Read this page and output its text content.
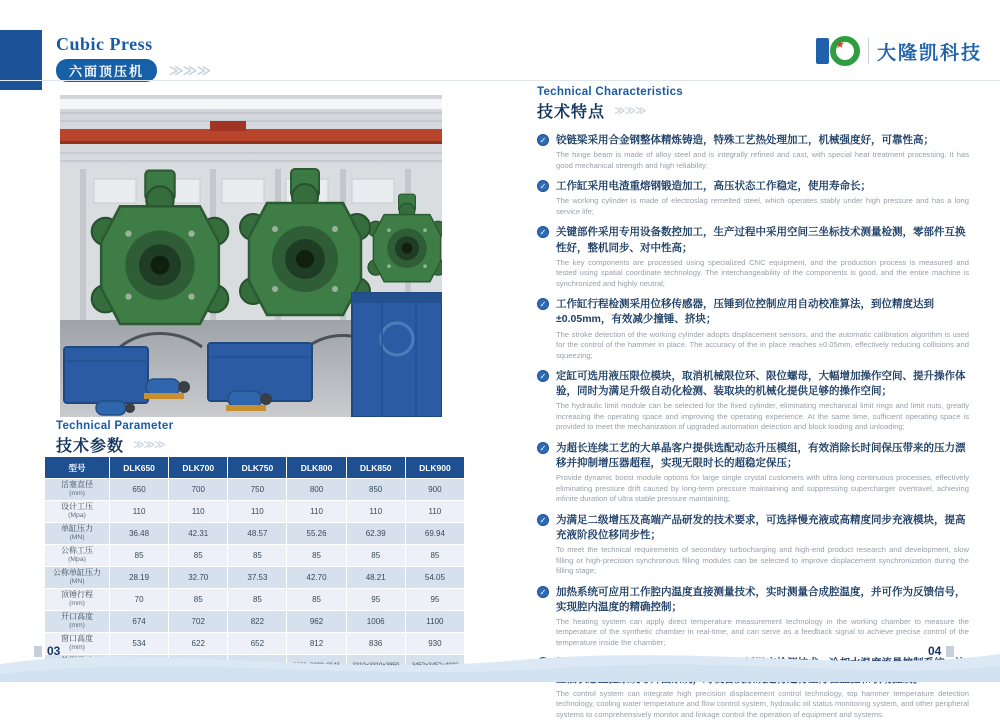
Cubic Press
六面顶压机	≫≫≫
★ 大隆凯科技
Technical Parameter
技术参数 ≫≫≫
型号	DLK650	DLK700	DLK750	DLK800	DLK850	DLK900

活塞直径
(mm)	650	700	750	800	850	900

设计工压
(Mpa)	110	110	110	110	110	110

单缸压力
(MN)	36.48	42.31	48.57	55.26	62.39	69.94

公称工压
(Mpa)	85	85	85	85	85	85

公称单缸压力
(MN)	28.19	32.70	37.53	42.70	48.21	54.05

顶锤行程
(mm)	70	85	85	85	95	95

开口高度
(mm)	674	702	822	962	1006	1100

窗口高度
(mm)	534	622	652	812	836	930

Technical Characteristics
技术特点 ≫≫≫
✓ 铰链梁采用合金钢整体精炼铸造，特殊工艺热处理加工，机械强度好，可靠性高；
The hinge beam is made of alloy steel and is integrally refined and cast, with special heat treatment processing. It has good mechanical strength and high reliability;
✓ 工作缸采用电渣重熔钢锻造加工，高压状态工作稳定，使用寿命长；
The working cylinder is made of electroslag remelted steel, which operates stably under high pressure and has a long service life;
✓ 关键部件采用专用设备数控加工，生产过程中采用空间三坐标技术测量检测，零部件互换性好，整机同步、对中性高；
The key components are processed using specialized CNC equipment, and the production process is measured and tested using spatial coordinate technology. The interchangeability of the components is good, and the entire machine is synchronized and highly neutral;
✓ 工作缸行程检测采用位移传感器，压锤到位控制应用自动校准算法，到位精度达到±0.05mm，有效减少撞锤、挤块；
The stroke detection of the working cylinder adopts displacement sensors, and the automatic calibration algorithm is used for the control of the hammer in place. The accuracy of the in place reaches ±0.05mm, effectively reducing collisions and squeezing;
✓ 定缸可选用液压限位模块，取消机械限位环、限位螺母，大幅增加操作空间、提升操作体验，同时为满足升级自动化检测、装取块的机械化提供足够的操作空间；
The hydraulic limit module can be selected for the fixed cylinder, eliminating mechanical limit rings and limit nuts, greatly increasing the operating space and improving the operating experience. At the same time, sufficient operating space is provided to meet the mechanization of upgraded automation detection and block loading and unloading;
✓ 为超长连续工艺的大单晶客户提供选配动态升压模组，有效消除长时间保压带来的压力漂移并抑制增压器超程，实现无限时长的超稳定保压；
Provide dynamic boost module options for large single crystal customers with ultra long continuous processes, effectively eliminating pressure drift caused by long-term pressure maintaining and suppressing supercharger overtravel, achieving infinite duration of ultra stable pressure maintaining;
✓ 为满足二级增压及高端产品研发的技术要求，可选择慢充液或高精度同步充液模块，提高充液阶段位移同步性；
To meet the technical requirements of secondary turbocharging and high-end product research and development, slow filling or high-precision synchronous filling modules can be selected to improve displacement synchronization during the filling stage;
✓ 加热系统可应用工作腔内温度直接测量技术，实时测量合成腔温度，并可作为反馈信号，实现腔内温度的精确控制；
The heating system can apply direct temperature measurement technology in the working chamber to measure the temperature of the synthetic chamber in real-time, and can serve as a feedback signal to achieve precise control of the temperature inside the chamber;
The control system can integrate high precision displacement control technology, top hammer temperature detection technology, cooling water temperature and flow control system, hydraulic oil status monitoring system, and other peripheral systems to comprehensively monitor and linkage control the operation of equipment and systems.
03	04
